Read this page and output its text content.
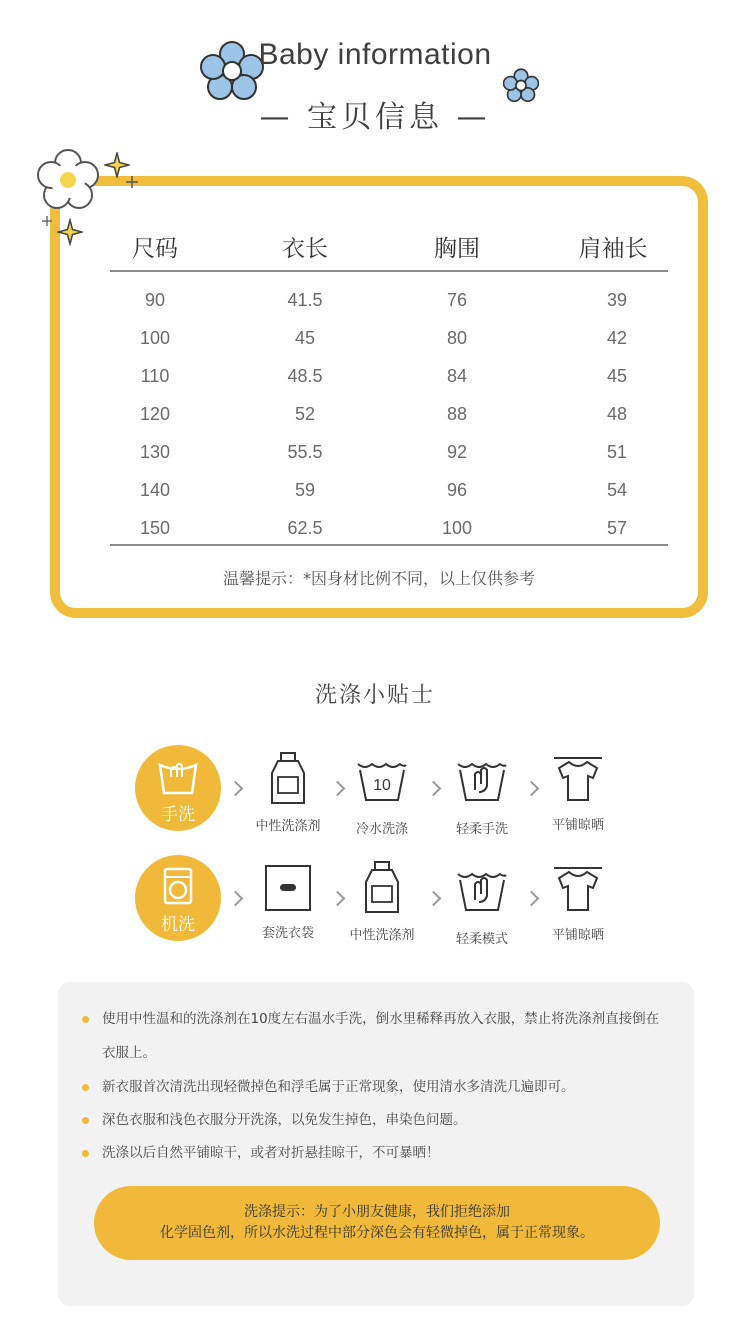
Baby information
— 宝贝信息 —
尺码	衣长	胸围	肩袖长
90	41.5	76	39
100	45	80	42
110	48.5	84	45
120	52	88	48
130	55.5	92	51
140	59	96	54
150	62.5	100	57
温馨提示：*因身材比例不同，以上仅供参考
洗涤小贴士
手洗
中性洗涤剂
10
冷水洗涤	轻柔手洗	平铺晾晒
机洗	套洗衣袋	中性洗涤剂	轻柔模式	平铺晾晒
使用中性温和的洗涤剂在10度左右温水手洗，倒水里稀释再放入衣服，禁止将洗涤剂直接倒在衣服上。
新衣服首次清洗出现轻微掉色和浮毛属于正常现象，使用清水多清洗几遍即可。
深色衣服和浅色衣服分开洗涤，以免发生掉色，串染色问题。
洗涤以后自然平铺晾干，或者对折悬挂晾干，不可暴晒！
洗涤提示：为了小朋友健康，我们拒绝添加
化学固色剂，所以水洗过程中部分深色会有轻微掉色，属于正常现象。
